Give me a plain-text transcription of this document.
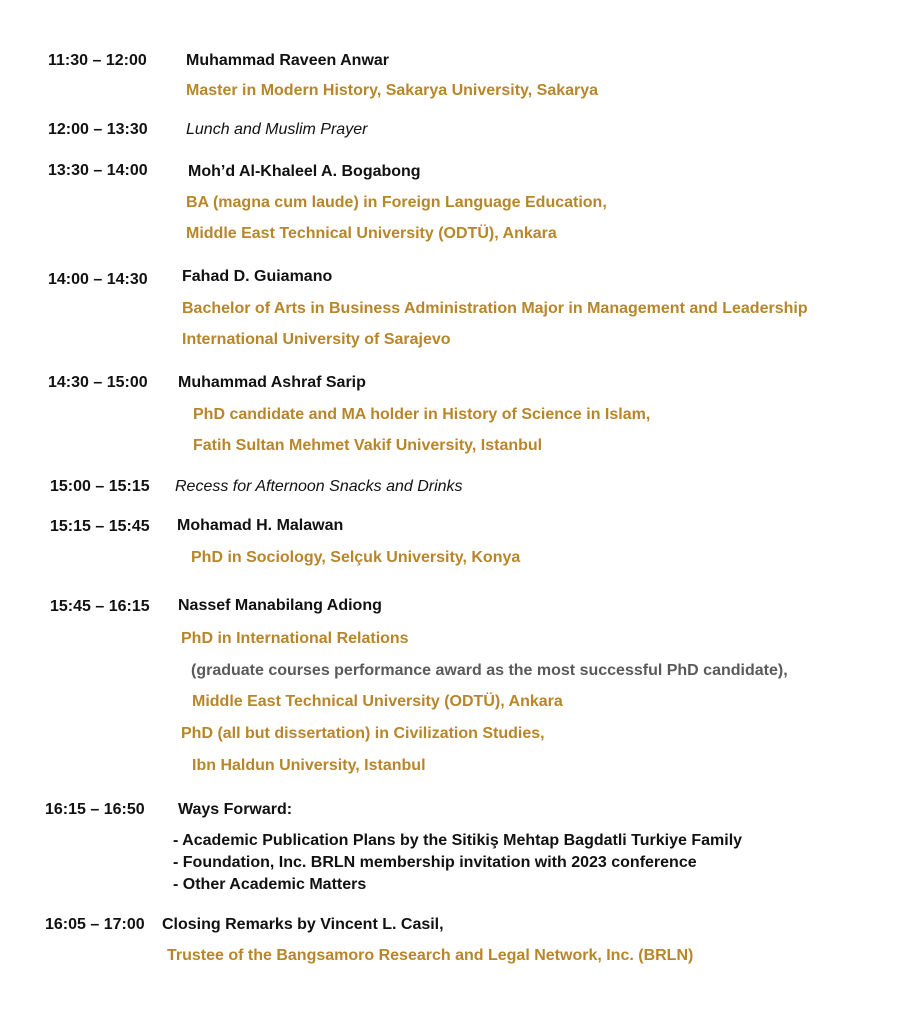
11:30 – 12:00 Muhammad Raveen Anwar
Master in Modern History, Sakarya University, Sakarya
12:00 – 13:30 Lunch and Muslim Prayer
13:30 – 14:00	Moh’d Al-Khaleel A. Bogabong
BA (magna cum laude) in Foreign Language Education,
Middle East Technical University (ODTÜ), Ankara
14:00 – 14:30 Fahad D. Guiamano
Bachelor of Arts in Business Administration Major in Management and Leadership
International University of Sarajevo
14:30 – 15:00 Muhammad Ashraf Sarip
PhD candidate and MA holder in History of Science in Islam,
Fatih Sultan Mehmet Vakif University, Istanbul
15:00 – 15:15 Recess for Afternoon Snacks and Drinks
15:15 – 15:45 Mohamad H. Malawan
PhD in Sociology, Selçuk University, Konya
15:45 – 16:15 Nassef Manabilang Adiong
PhD in International Relations
(graduate courses performance award as the most successful PhD candidate),
Middle East Technical University (ODTÜ), Ankara
PhD (all but dissertation) in Civilization Studies,
Ibn Haldun University, Istanbul
16:15 – 16:50 Ways Forward:
- Academic Publication Plans by the Sitikiş Mehtap Bagdatli Turkiye Family
- Foundation, Inc. BRLN membership invitation with 2023 conference
- Other Academic Matters
16:05 – 17:00 Closing Remarks by Vincent L. Casil,
Trustee of the Bangsamoro Research and Legal Network, Inc. (BRLN)
